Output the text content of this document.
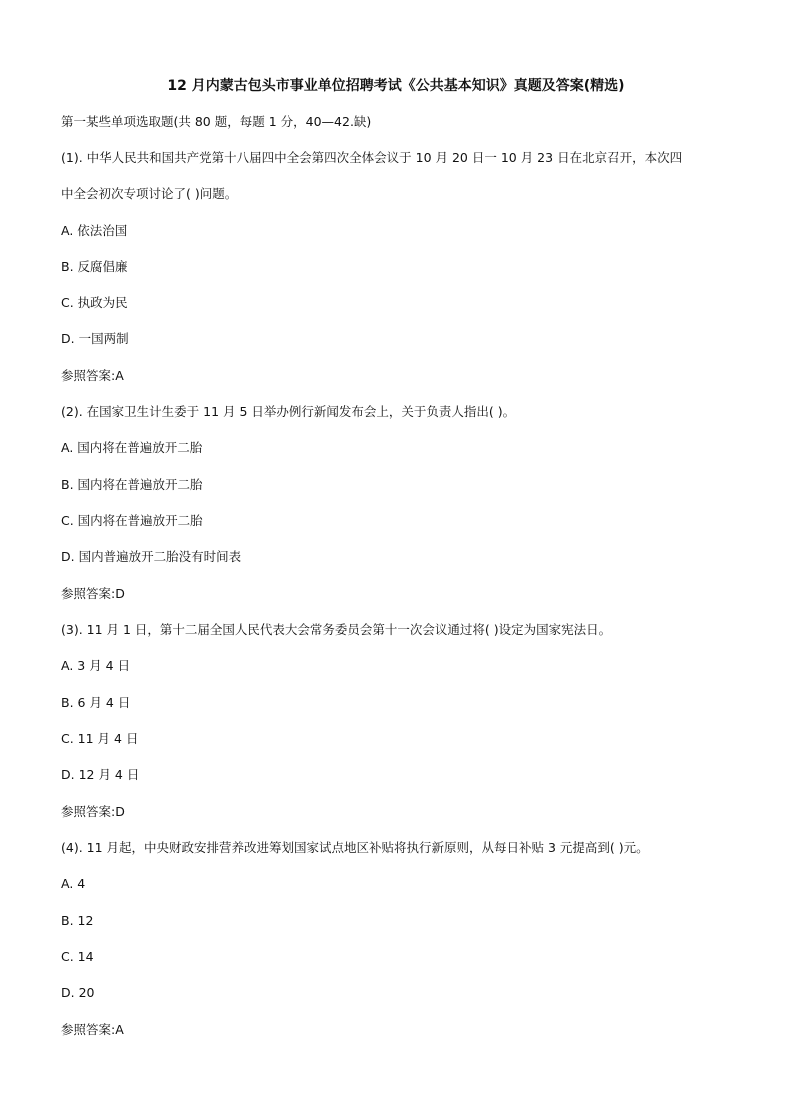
12 月内蒙古包头市事业单位招聘考试《公共基本知识》真题及答案(精选)
第一某些单项选取题(共 80 题，每题 1 分，40—42.缺)
(1). 中华人民共和国共产党第十八届四中全会第四次全体会议于 10 月 20 日一 10 月 23 日在北京召开，本次四
中全会初次专项讨论了( )问题。
A. 依法治国
B. 反腐倡廉
C. 执政为民
D. 一国两制
参照答案:A
(2). 在国家卫生计生委于 11 月 5 日举办例行新闻发布会上，关于负责人指出( )。
A. 国内将在普遍放开二胎
B. 国内将在普遍放开二胎
C. 国内将在普遍放开二胎
D. 国内普遍放开二胎没有时间表
参照答案:D
(3). 11 月 1 日，第十二届全国人民代表大会常务委员会第十一次会议通过将( )设定为国家宪法日。
A. 3 月 4 日
B. 6 月 4 日
C. 11 月 4 日
D. 12 月 4 日
参照答案:D
(4). 11 月起，中央财政安排营养改进筹划国家试点地区补贴将执行新原则，从每日补贴 3 元提高到( )元。
A. 4
B. 12
C. 14
D. 20
参照答案:A
